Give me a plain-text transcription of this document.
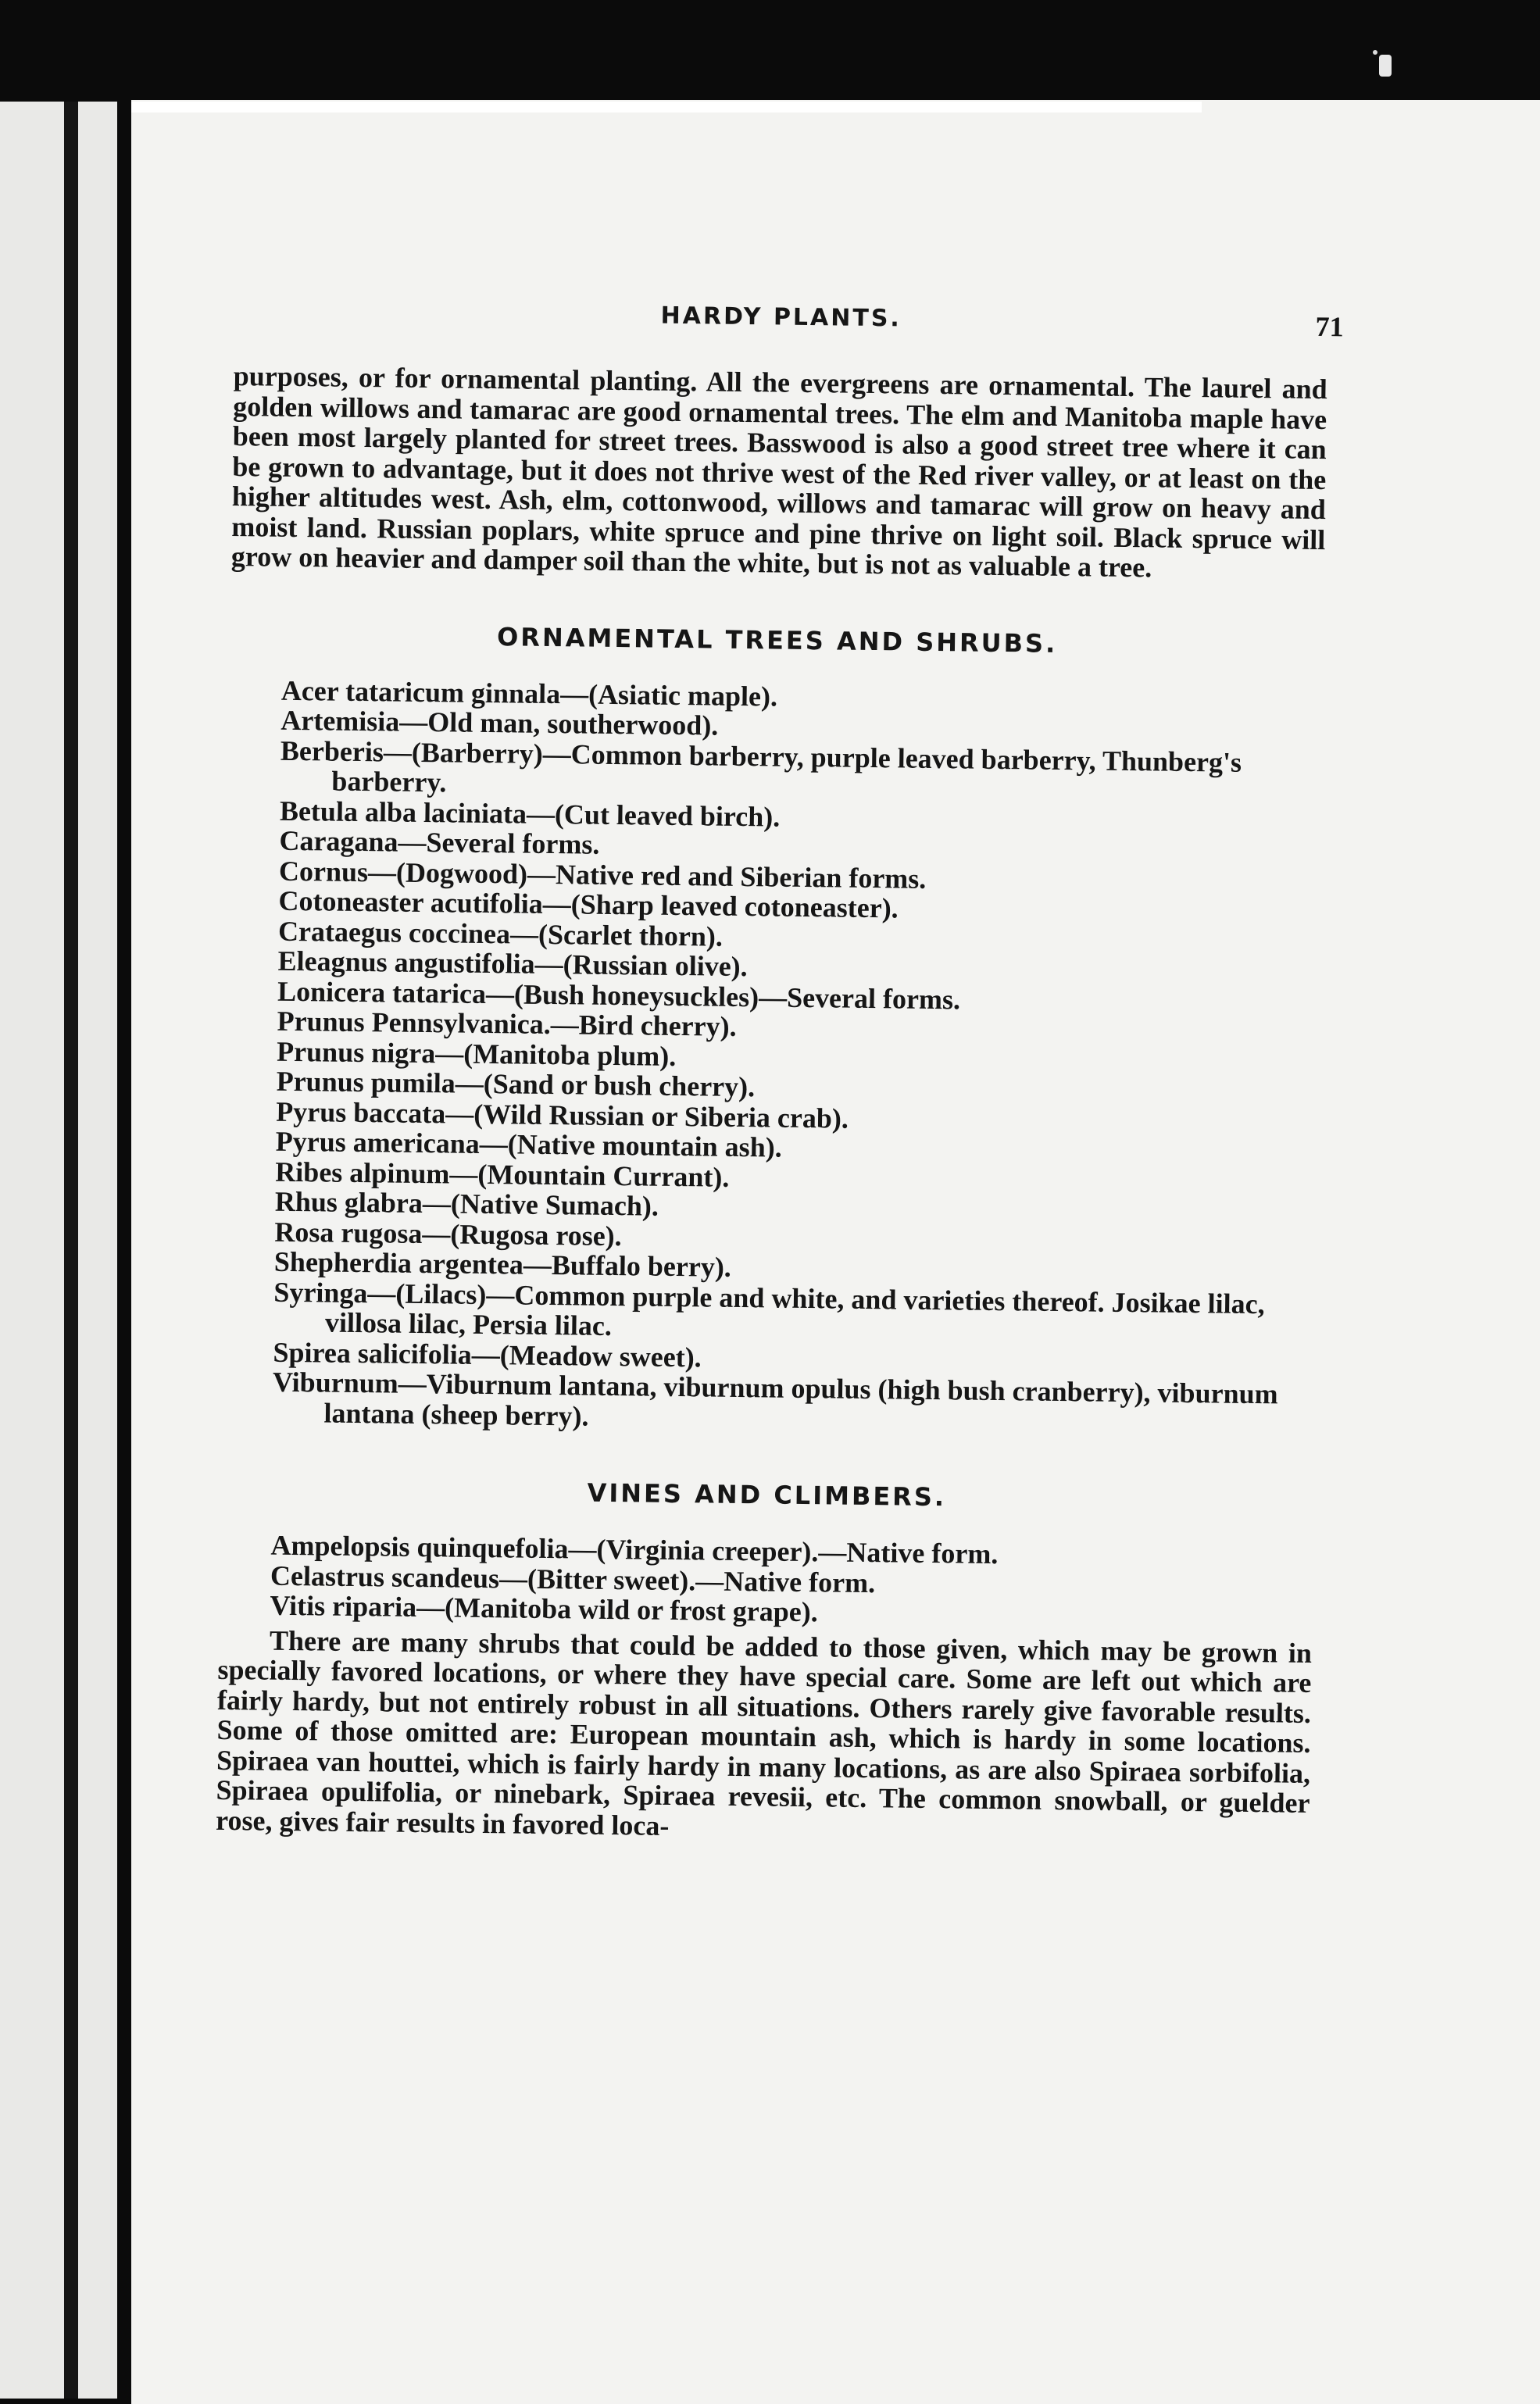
HARDY PLANTS.	71

purposes, or for ornamental planting. All the evergreens are ornamental. The laurel and golden willows and tamarac are good ornamental trees. The elm and Manitoba maple have been most largely planted for street trees. Basswood is also a good street tree where it can be grown to advantage, but it does not thrive west of the Red river valley, or at least on the higher altitudes west. Ash, elm, cottonwood, willows and tamarac will grow on heavy and moist land. Russian poplars, white spruce and pine thrive on light soil. Black spruce will grow on heavier and damper soil than the white, but is not as valuable a tree.

ORNAMENTAL TREES AND SHRUBS.
Acer tataricum ginnala—(Asiatic maple).
Artemisia—Old man, southerwood).
Berberis—(Barberry)—Common barberry, purple leaved barberry, Thunberg's barberry.
Betula alba laciniata—(Cut leaved birch).
Caragana—Several forms.
Cornus—(Dogwood)—Native red and Siberian forms.
Cotoneaster acutifolia—(Sharp leaved cotoneaster).
Crataegus coccinea—(Scarlet thorn).
Eleagnus angustifolia—(Russian olive).
Lonicera tatarica—(Bush honeysuckles)—Several forms.
Prunus Pennsylvanica.—Bird cherry).
Prunus nigra—(Manitoba plum).
Prunus pumila—(Sand or bush cherry).
Pyrus baccata—(Wild Russian or Siberia crab).
Pyrus americana—(Native mountain ash).
Ribes alpinum—(Mountain Currant).
Rhus glabra—(Native Sumach).
Rosa rugosa—(Rugosa rose).
Shepherdia argentea—Buffalo berry).
Syringa—(Lilacs)—Common purple and white, and varieties thereof. Josikae lilac, villosa lilac, Persia lilac.
Spirea salicifolia—(Meadow sweet).
Viburnum—Viburnum lantana, viburnum opulus (high bush cranberry), viburnum lantana (sheep berry).
VINES AND CLIMBERS.
Ampelopsis quinquefolia—(Virginia creeper).—Native form.
Celastrus scandeus—(Bitter sweet).—Native form.
Vitis riparia—(Manitoba wild or frost grape).

There are many shrubs that could be added to those given, which may be grown in specially favored locations, or where they have special care. Some are left out which are fairly hardy, but not entirely robust in all situations. Others rarely give favorable results. Some of those omitted are: European mountain ash, which is hardy in some locations. Spiraea van houttei, which is fairly hardy in many locations, as are also Spiraea sorbifolia, Spiraea opulifolia, or ninebark, Spiraea revesii, etc. The common snowball, or guelder rose, gives fair results in favored loca-
